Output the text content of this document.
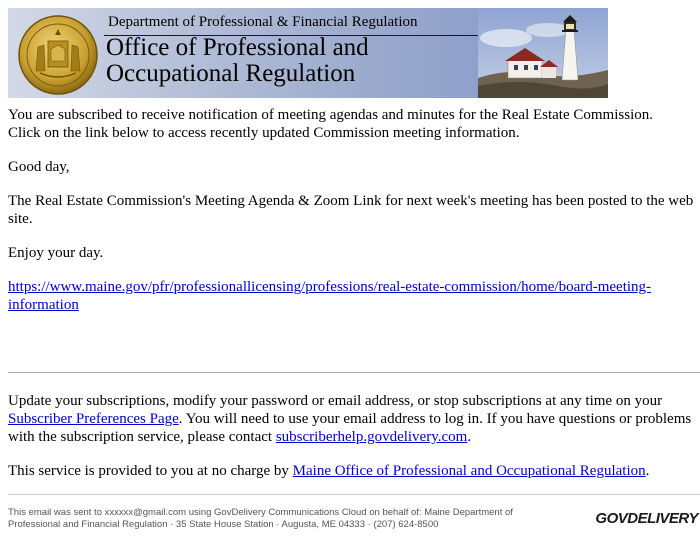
Department of Professional & Financial Regulation
Office of Professional and
Occupational Regulation

You are subscribed to receive notification of meeting agendas and minutes for the Real Estate Commission.
Click on the link below to access recently updated Commission meeting information.

Good day,

The Real Estate Commission's Meeting Agenda & Zoom Link for next week's meeting has been posted to the web site.

Enjoy your day.

https://www.maine.gov/pfr/professionallicensing/professions/real-estate-commission/home/board-meeting-
information

Update your subscriptions, modify your password or email address, or stop subscriptions at any time on your Subscriber Preferences Page. You will need to use your email address to log in. If you have questions or problems with the subscription service, please contact subscriberhelp.govdelivery.com.

This service is provided to you at no charge by Maine Office of Professional and Occupational Regulation.

This email was sent to xxxxxx@gmail.com using GovDelivery Communications Cloud on behalf of: Maine Department of
Professional and Financial Regulation · 35 State House Station · Augusta, ME 04333 · (207) 624-8500	GOVDELIVERY
